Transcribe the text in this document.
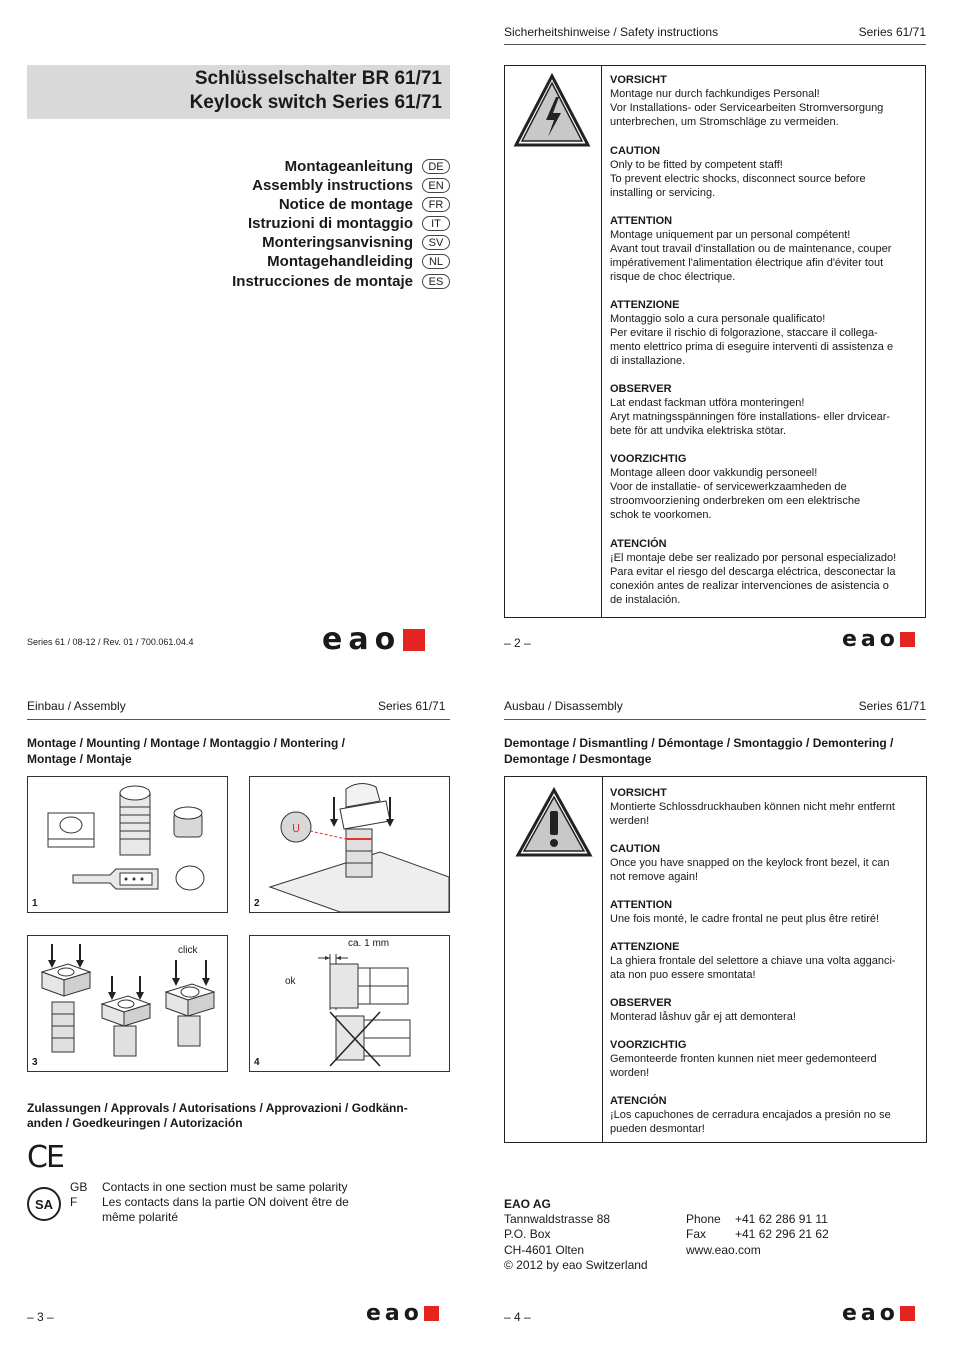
Schlüsselschalter BR 61/71
Keylock switch Series 61/71
Montageanleitung	DE
Assembly instructions	EN
Notice de montage	FR
Istruzioni di montaggio	IT
Monteringsanvisning	SV
Montagehandleiding	NL
Instrucciones de montaje	ES
Series 61 / 08-12 / Rev. 01 / 700.061.04.4	eao
Sicherheitshinweise / Safety instructions	Series 61/71
VORSICHT
Montage nur durch fachkundiges Personal!
Vor Installations- oder Servicearbeiten Stromversorgung
unterbrechen, um Stromschläge zu vermeiden.
CAUTION
Only to be fitted by competent staff!
To prevent electric shocks, disconnect source before
installing or servicing.
ATTENTION
Montage uniquement par un personal compétent!
Avant tout travail d'installation ou de maintenance, couper
impérativement l'alimentation électrique afin d'éviter tout
risque de choc électrique.
ATTENZIONE
Montaggio solo a cura personale qualificato!
Per evitare il rischio di folgorazione, staccare il collega-
mento elettrico prima di eseguire interventi di assistenza e
di installazione.
OBSERVER
Lat endast fackman utföra monteringen!
Aryt matningsspänningen före installations- eller drvicear-
bete för att undvika elektriska stötar.
VOORZICHTIG
Montage alleen door vakkundig personeel!
Voor de installatie- of servicewerkzaamheden de
stroomvoorziening onderbreken om een elektrische
schok te voorkomen.
ATENCIÓN
¡El montaje debe ser realizado por personal especializado!
Para evitar el riesgo del descarga eléctrica, desconectar la
conexión antes de realizar intervenciones de asistencia o
de instalación.
– 2 –	eao
Einbau / Assembly	Series 61/71
Montage / Mounting / Montage / Montaggio / Montering /
Montage / Montaje
1
U
2
click
3
ca. 1 mm
ok
4
Zulassungen / Approvals / Autorisations / Approvazioni / Godkänn-
anden / Goedkeuringen / Autorización
CE
SA
GB
F
Contacts in one section must be same polarity
Les contacts dans la partie ON doivent être de
même polarité
– 3 –	eao
Ausbau / Disassembly	Series 61/71
Demontage / Dismantling / Démontage / Smontaggio / Demontering /
Demontage / Desmontage
VORSICHT
Montierte Schlossdruckhauben können nicht mehr entfernt
werden!
CAUTION
Once you have snapped on the keylock front bezel, it can
not remove again!
ATTENTION
Une fois monté, le cadre frontal ne peut plus être retiré!
ATTENZIONE
La ghiera frontale del selettore a chiave una volta agganci-
ata non puo essere smontata!
OBSERVER
Monterad låshuv går ej att demontera!
VOORZICHTIG
Gemonteerde fronten kunnen niet meer gedemonteerd
worden!
ATENCIÓN
¡Los capuchones de cerradura encajados a presión no se
pueden desmontar!
EAO AG
Tannwaldstrasse 88
P.O. Box
CH-4601 Olten
© 2012 by eao Switzerland
Phone +41 62 286 91 11
Fax +41 62 296 21 62
www.eao.com
– 4 –	eao
